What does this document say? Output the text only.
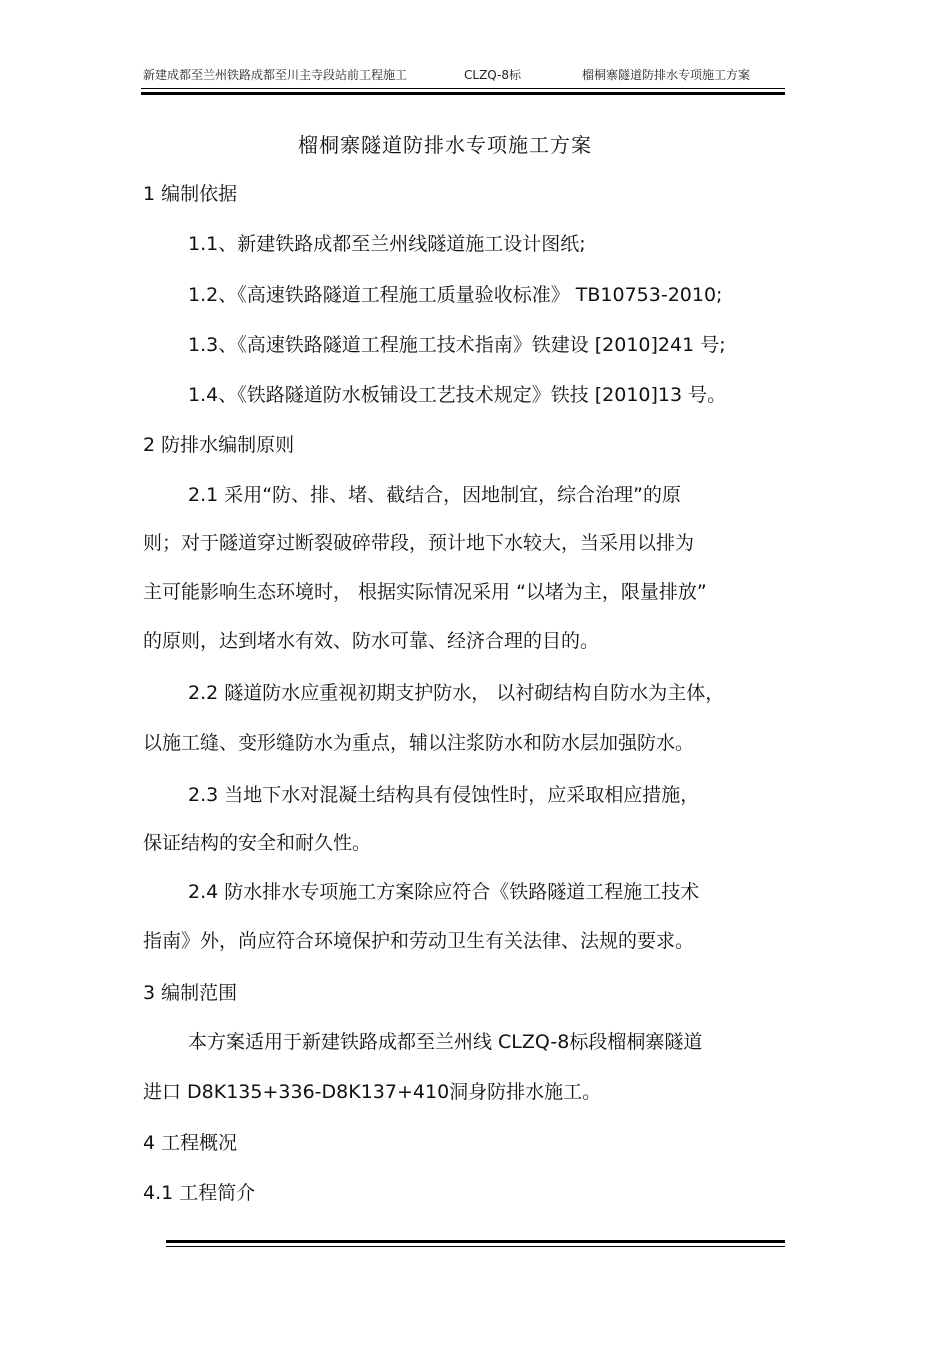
新建成都至兰州铁路成都至川主寺段站前工程施工	CLZQ-8标	榴桐寨隧道防排水专项施工方案
榴桐寨隧道防排水专项施工方案
1 编制依据
1.1、新建铁路成都至兰州线隧道施工设计图纸;
1.2、《高速铁路隧道工程施工质量验收标准》 TB10753-2010;
1.3、《高速铁路隧道工程施工技术指南》铁建设 [2010]241 号;
1.4、《铁路隧道防水板铺设工艺技术规定》铁技 [2010]13 号。
2 防排水编制原则
2.1 采用“防、排、堵、截结合，因地制宜，综合治理”的原
则；对于隧道穿过断裂破碎带段，预计地下水较大，当采用以排为
主可能影响生态环境时， 根据实际情况采用 “以堵为主，限量排放”
的原则，达到堵水有效、防水可靠、经济合理的目的。
2.2 隧道防水应重视初期支护防水， 以衬砌结构自防水为主体，
以施工缝、变形缝防水为重点，辅以注浆防水和防水层加强防水。
2.3 当地下水对混凝土结构具有侵蚀性时，应采取相应措施，
保证结构的安全和耐久性。
2.4 防水排水专项施工方案除应符合《铁路隧道工程施工技术
指南》外，尚应符合环境保护和劳动卫生有关法律、法规的要求。
3 编制范围
本方案适用于新建铁路成都至兰州线 CLZQ-8标段榴桐寨隧道
进口 D8K135+336-D8K137+410洞身防排水施工。
4 工程概况
4.1 工程简介
